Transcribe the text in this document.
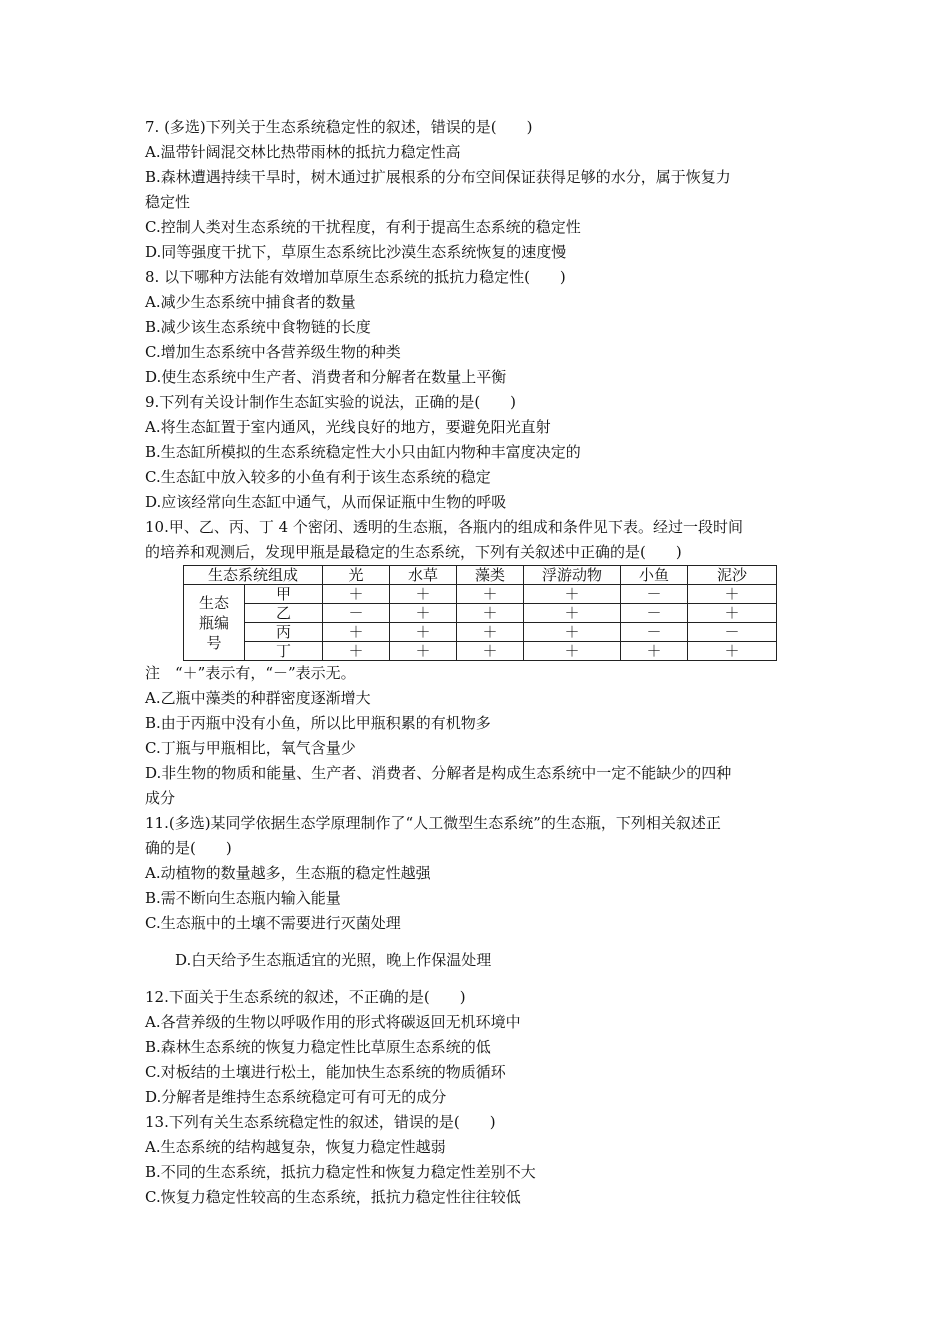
7. (多选)下列关于生态系统稳定性的叙述，错误的是(　　)
A.温带针阔混交林比热带雨林的抵抗力稳定性高
B.森林遭遇持续干旱时，树木通过扩展根系的分布空间保证获得足够的水分，属于恢复力
稳定性
C.控制人类对生态系统的干扰程度，有利于提高生态系统的稳定性
D.同等强度干扰下，草原生态系统比沙漠生态系统恢复的速度慢
8. 以下哪种方法能有效增加草原生态系统的抵抗力稳定性(　　)
A.减少生态系统中捕食者的数量
B.减少该生态系统中食物链的长度
C.增加生态系统中各营养级生物的种类
D.使生态系统中生产者、消费者和分解者在数量上平衡
9.下列有关设计制作生态缸实验的说法，正确的是(　　)
A.将生态缸置于室内通风，光线良好的地方，要避免阳光直射
B.生态缸所模拟的生态系统稳定性大小只由缸内物种丰富度决定的
C.生态缸中放入较多的小鱼有利于该生态系统的稳定
D.应该经常向生态缸中通气，从而保证瓶中生物的呼吸
10.甲、乙、丙、丁 4 个密闭、透明的生态瓶，各瓶内的组成和条件见下表。经过一段时间
的培养和观测后，发现甲瓶是最稳定的生态系统，下列有关叙述中正确的是(　　)
生态系统组成		光	水草	藻类	浮游动物	小鱼	泥沙

生态
瓶编
号	甲	＋	＋	＋	＋	－	＋
	乙	－	＋	＋	＋	－	＋
	丙	＋	＋	＋	＋	－	－
	丁	＋	＋	＋	＋	＋	＋
注　“＋”表示有，“－”表示无。
A.乙瓶中藻类的种群密度逐渐增大
B.由于丙瓶中没有小鱼，所以比甲瓶积累的有机物多
C.丁瓶与甲瓶相比，氧气含量少
D.非生物的物质和能量、生产者、消费者、分解者是构成生态系统中一定不能缺少的四种
成分
11.(多选)某同学依据生态学原理制作了“人工微型生态系统”的生态瓶，下列相关叙述正
确的是(　　)
A.动植物的数量越多，生态瓶的稳定性越强
B.需不断向生态瓶内输入能量
C.生态瓶中的土壤不需要进行灭菌处理
D.白天给予生态瓶适宜的光照，晚上作保温处理
12.下面关于生态系统的叙述，不正确的是(　　)
A.各营养级的生物以呼吸作用的形式将碳返回无机环境中
B.森林生态系统的恢复力稳定性比草原生态系统的低
C.对板结的土壤进行松土，能加快生态系统的物质循环
D.分解者是维持生态系统稳定可有可无的成分
13.下列有关生态系统稳定性的叙述，错误的是(　　)
A.生态系统的结构越复杂，恢复力稳定性越弱
B.不同的生态系统，抵抗力稳定性和恢复力稳定性差别不大
C.恢复力稳定性较高的生态系统，抵抗力稳定性往往较低
